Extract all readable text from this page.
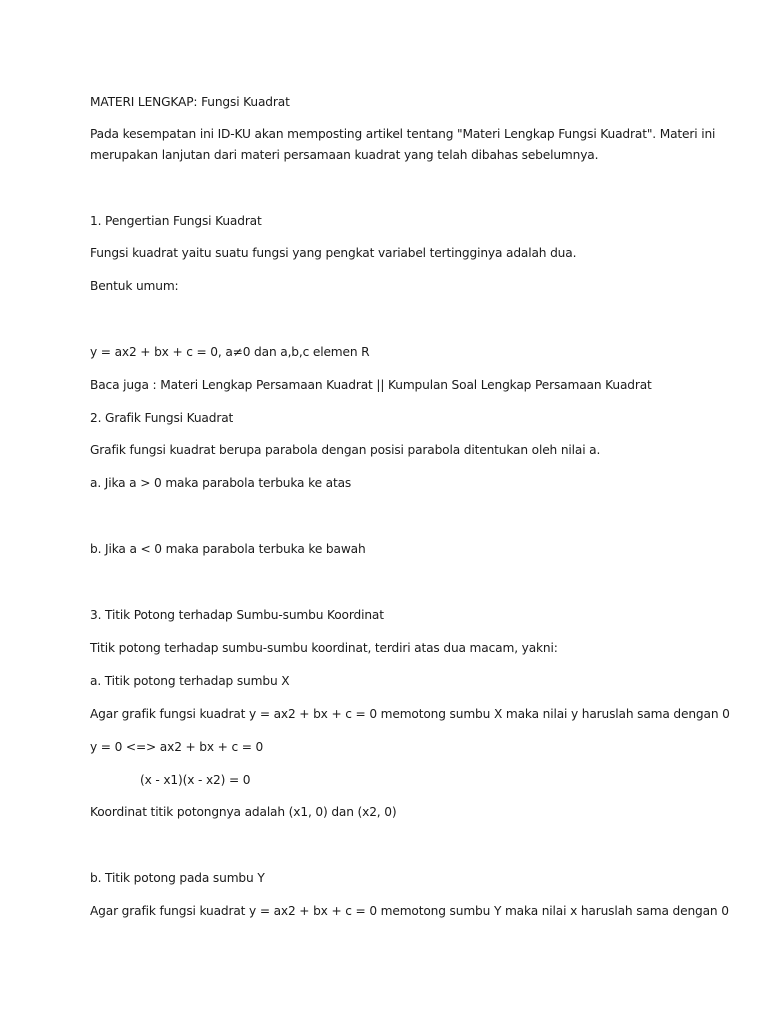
MATERI LENGKAP: Fungsi Kuadrat

Pada kesempatan ini ID-KU akan memposting artikel tentang "Materi Lengkap Fungsi Kuadrat". Materi ini

merupakan lanjutan dari materi persamaan kuadrat yang telah dibahas sebelumnya.

1. Pengertian Fungsi Kuadrat

Fungsi kuadrat yaitu suatu fungsi yang pengkat variabel tertingginya adalah dua.

Bentuk umum:

y = ax2 + bx + c = 0, a≠0 dan a,b,c elemen R

Baca juga : Materi Lengkap Persamaan Kuadrat || Kumpulan Soal Lengkap Persamaan Kuadrat

2. Grafik Fungsi Kuadrat

Grafik fungsi kuadrat berupa parabola dengan posisi parabola ditentukan oleh nilai a.

a. Jika a > 0 maka parabola terbuka ke atas

b. Jika a < 0 maka parabola terbuka ke bawah

3. Titik Potong terhadap Sumbu-sumbu Koordinat

Titik potong terhadap sumbu-sumbu koordinat, terdiri atas dua macam, yakni:

a. Titik potong terhadap sumbu X

Agar grafik fungsi kuadrat y = ax2 + bx + c = 0 memotong sumbu X maka nilai y haruslah sama dengan 0

y = 0 <=> ax2 + bx + c = 0

(x - x1)(x - x2) = 0

Koordinat titik potongnya adalah (x1, 0) dan (x2, 0)

b. Titik potong pada sumbu Y

Agar grafik fungsi kuadrat y = ax2 + bx + c = 0 memotong sumbu Y maka nilai x haruslah sama dengan 0
